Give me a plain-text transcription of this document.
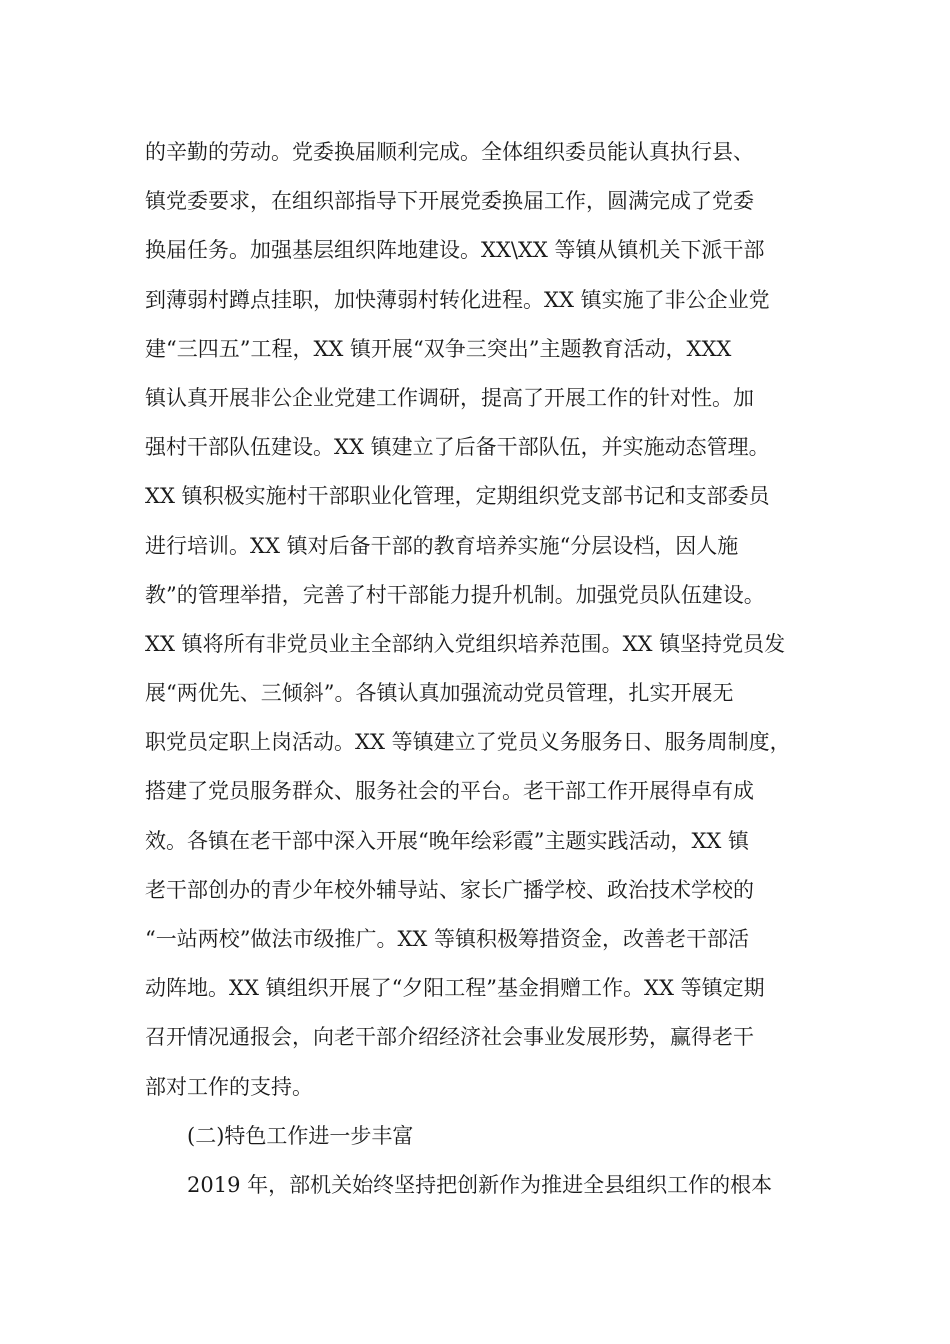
的辛勤的劳动。党委换届顺利完成。全体组织委员能认真执行县、
镇党委要求，在组织部指导下开展党委换届工作，圆满完成了党委
换届任务。加强基层组织阵地建设。XX\XX 等镇从镇机关下派干部
到薄弱村蹲点挂职，加快薄弱村转化进程。XX 镇实施了非公企业党
建“三四五”工程，XX 镇开展“双争三突出”主题教育活动，XXX
镇认真开展非公企业党建工作调研，提高了开展工作的针对性。加
强村干部队伍建设。XX 镇建立了后备干部队伍，并实施动态管理。
XX 镇积极实施村干部职业化管理，定期组织党支部书记和支部委员
进行培训。XX 镇对后备干部的教育培养实施“分层设档，因人施
教”的管理举措，完善了村干部能力提升机制。加强党员队伍建设。
XX 镇将所有非党员业主全部纳入党组织培养范围。XX 镇坚持党员发
展“两优先、三倾斜”。各镇认真加强流动党员管理，扎实开展无
职党员定职上岗活动。XX 等镇建立了党员义务服务日、服务周制度，
搭建了党员服务群众、服务社会的平台。老干部工作开展得卓有成
效。各镇在老干部中深入开展“晚年绘彩霞”主题实践活动，XX 镇
老干部创办的青少年校外辅导站、家长广播学校、政治技术学校的
“一站两校”做法市级推广。XX 等镇积极筹措资金，改善老干部活
动阵地。XX 镇组织开展了“夕阳工程”基金捐赠工作。XX 等镇定期
召开情况通报会，向老干部介绍经济社会事业发展形势，赢得老干
部对工作的支持。
(二)特色工作进一步丰富
2019 年，部机关始终坚持把创新作为推进全县组织工作的根本
